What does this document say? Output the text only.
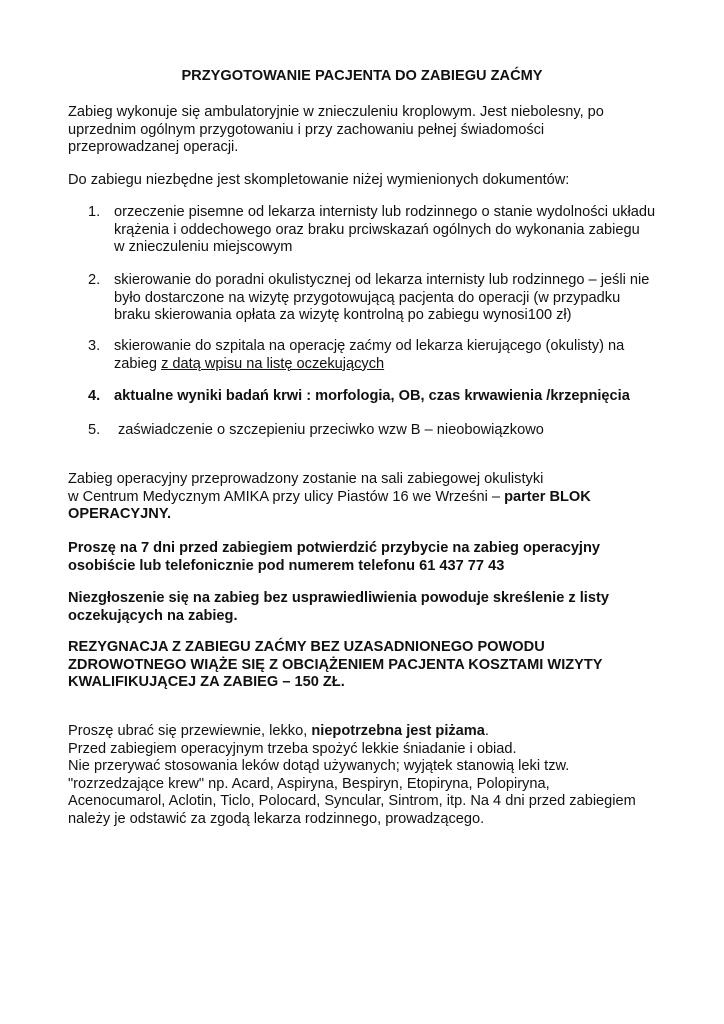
PRZYGOTOWANIE PACJENTA DO ZABIEGU ZAĆMY
Zabieg wykonuje się ambulatoryjnie w znieczuleniu kroplowym. Jest niebolesny, po
uprzednim ogólnym przygotowaniu i przy zachowaniu pełnej świadomości
przeprowadzanej operacji.
Do zabiegu niezbędne jest skompletowanie niżej wymienionych dokumentów:
1. orzeczenie pisemne od lekarza internisty lub rodzinnego o stanie wydolności układu
krążenia i oddechowego oraz braku prciwskazań ogólnych do wykonania zabiegu
w znieczuleniu miejscowym
2. skierowanie do poradni okulistycznej od lekarza internisty lub rodzinnego – jeśli nie
było dostarczone na wizytę przygotowującą pacjenta do operacji (w przypadku
braku skierowania opłata za wizytę kontrolną po zabiegu wynosi100 zł)
3. skierowanie do szpitala na operację zaćmy od lekarza kierującego (okulisty) na
zabieg z datą wpisu na listę oczekujących
4. aktualne wyniki badań krwi : morfologia, OB, czas krwawienia /krzepnięcia
5. zaświadczenie o szczepieniu przeciwko wzw B – nieobowiązkowo
Zabieg operacyjny przeprowadzony zostanie na sali zabiegowej okulistyki
w Centrum Medycznym AMIKA przy ulicy Piastów 16 we Wrześni – parter BLOK
OPERACYJNY.
Proszę na 7 dni przed zabiegiem potwierdzić przybycie na zabieg operacyjny
osobiście lub telefonicznie pod numerem telefonu 61 437 77 43
Niezgłoszenie się na zabieg bez usprawiedliwienia powoduje skreślenie z listy
oczekujących na zabieg.
REZYGNACJA Z ZABIEGU ZAĆMY BEZ UZASADNIONEGO POWODU
ZDROWOTNEGO WIĄŻE SIĘ Z OBCIĄŻENIEM PACJENTA KOSZTAMI WIZYTY
KWALIFIKUJĄCEJ ZA ZABIEG – 150 ZŁ.
Proszę ubrać się przewiewnie, lekko, niepotrzebna jest piżama.
Przed zabiegiem operacyjnym trzeba spożyć lekkie śniadanie i obiad.
Nie przerywać stosowania leków dotąd używanych; wyjątek stanowią leki tzw.
"rozrzedzające krew" np. Acard, Aspiryna, Bespiryn, Etopiryna, Polopiryna,
Acenocumarol, Aclotin, Ticlo, Polocard, Syncular, Sintrom, itp. Na 4 dni przed zabiegiem
należy je odstawić za zgodą lekarza rodzinnego, prowadzącego.
